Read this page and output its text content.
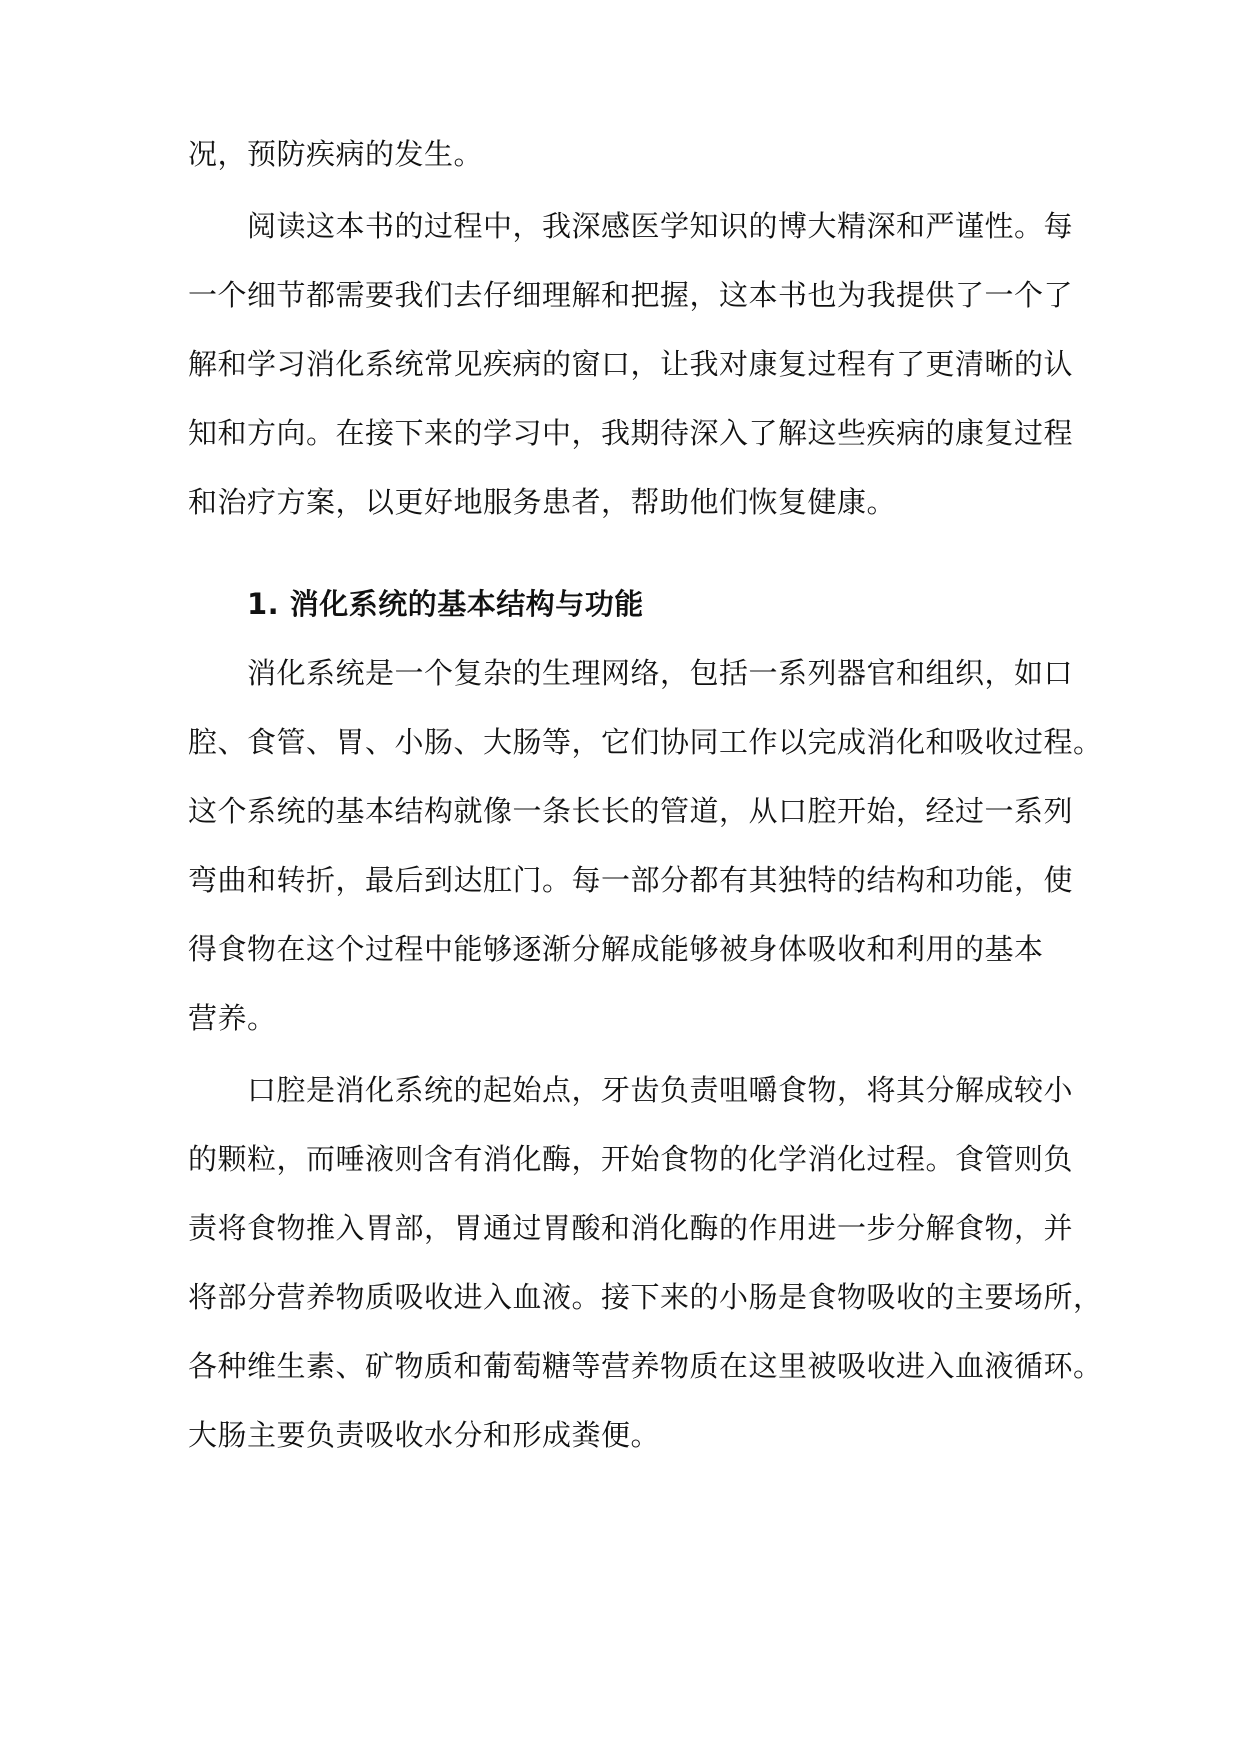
况，预防疾病的发生。
阅读这本书的过程中，我深感医学知识的博大精深和严谨性。每
一个细节都需要我们去仔细理解和把握，这本书也为我提供了一个了
解和学习消化系统常见疾病的窗口，让我对康复过程有了更清晰的认
知和方向。在接下来的学习中，我期待深入了解这些疾病的康复过程
和治疗方案，以更好地服务患者，帮助他们恢复健康。
1. 消化系统的基本结构与功能
消化系统是一个复杂的生理网络，包括一系列器官和组织，如口
腔、食管、胃、小肠、大肠等，它们协同工作以完成消化和吸收过程。
这个系统的基本结构就像一条长长的管道，从口腔开始，经过一系列
弯曲和转折，最后到达肛门。每一部分都有其独特的结构和功能，使
得食物在这个过程中能够逐渐分解成能够被身体吸收和利用的基本
营养。
口腔是消化系统的起始点，牙齿负责咀嚼食物，将其分解成较小
的颗粒，而唾液则含有消化酶，开始食物的化学消化过程。食管则负
责将食物推入胃部，胃通过胃酸和消化酶的作用进一步分解食物，并
将部分营养物质吸收进入血液。接下来的小肠是食物吸收的主要场所，
各种维生素、矿物质和葡萄糖等营养物质在这里被吸收进入血液循环。
大肠主要负责吸收水分和形成粪便。
